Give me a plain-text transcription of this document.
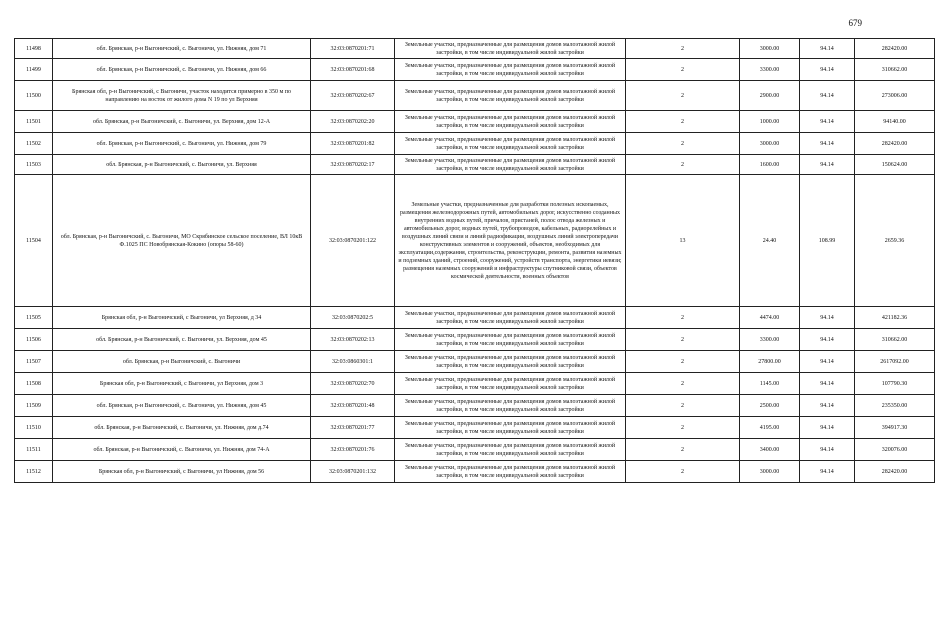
679
11498	обл. Брянская, р-н Выгоничский, с. Выгоничи, ул. Нижняя, дом 71	32:03:0870201:71	Земельные участки, предназначенные для размещения домов малоэтажной жилой застройки, в том числе индивидуальной жилой застройки	2	3000.00	94.14	282420.00
11499	обл. Брянская, р-н Выгоничский, с. Выгоничи, ул. Нижняя, дом 66	32:03:0870201:68	Земельные участки, предназначенные для размещения домов малоэтажной жилой застройки, в том числе индивидуальной жилой застройки	2	3300.00	94.14	310662.00
11500	Брянская обл, р-н Выгоничский, с Выгоничи, участок находится примерно в 350 м по направлению на восток от жилого дома N 19 по ул Верхняя	32:03:0870202:67	Земельные участки, предназначенные для размещения домов малоэтажной жилой застройки, в том числе индивидуальной жилой застройки	2	2900.00	94.14	273006.00
11501	обл. Брянская, р-н Выгоничский, с. Выгоничи, ул. Верхняя, дом 12-А	32:03:0870202:20	Земельные участки, предназначенные для размещения домов малоэтажной жилой застройки, в том числе индивидуальной жилой застройки	2	1000.00	94.14	94140.00
11502	обл. Брянская, р-н Выгоничский, с. Выгоничи, ул. Нижняя, дом 79	32:03:0870201:82	Земельные участки, предназначенные для размещения домов малоэтажной жилой застройки, в том числе индивидуальной жилой застройки	2	3000.00	94.14	282420.00
11503	обл. Брянская, р-н Выгоничский, с. Выгоничи, ул. Верхняя	32:03:0870202:17	Земельные участки, предназначенные для размещения домов малоэтажной жилой застройки, в том числе индивидуальной жилой застройки	2	1600.00	94.14	150624.00
11504	обл. Брянская, р-н Выгоничский, с. Выгоничи, МО Скрябинское сельское поселение, ВЛ 10кВ Ф.1025 ПС Новобрянская-Кокино (опоры 58-60)	32:03:0870201:122	Земельные участки, предназначенные для разработки полезных ископаемых, размещения железнодорожных путей, автомобильных дорог, искусственно созданных внутренних водных путей, причалов, пристаней, полос отвода железных и автомобильных дорог, водных путей, трубопроводов, кабельных, радиорелейных и воздушных линий связи и линий радиофикации, воздушных линий электропередачи конструктивных элементов и сооружений, объектов, необходимых для эксплуатации,содержания, строительства, реконструкции, ремонта, развития наземных и подземных зданий, строений, сооружений, устройств транспорта, энергетики иевязи; размещения наземных сооружений и инфраструктуры спутниковой связи, объектов космической деятельности, военных объектов	13	24.40	108.99	2659.36
11505	Брянская обл, р-н Выгоничский, с Выгоничи, ул Верхняя, д 34	32:03:0870202:5	Земельные участки, предназначенные для размещения домов малоэтажной жилой застройки, в том числе индивидуальной жилой застройки	2	4474.00	94.14	421182.36
11506	обл. Брянская, р-н Выгоничский, с. Выгоничи, ул. Верхняя, дом 45	32:03:0870202:13	Земельные участки, предназначенные для размещения домов малоэтажной жилой застройки, в том числе индивидуальной жилой застройки	2	3300.00	94.14	310662.00
11507	обл. Брянская, р-н Выгоничский, с. Выгоничи	32:03:0860301:1	Земельные участки, предназначенные для размещения домов малоэтажной жилой застройки, в том числе индивидуальной жилой застройки	2	27800.00	94.14	2617092.00
11508	Брянская обл, р-н Выгоничский, с Выгоничи, ул Верхняя, дом 3	32:03:0870202:70	Земельные участки, предназначенные для размещения домов малоэтажной жилой застройки, в том числе индивидуальной жилой застройки	2	1145.00	94.14	107790.30
11509	обл. Брянская, р-н Выгоничский, с. Выгоничи, ул. Нижняя, дом 45	32:03:0870201:48	Земельные участки, предназначенные для размещения домов малоэтажной жилой застройки, в том числе индивидуальной жилой застройки	2	2500.00	94.14	235350.00
11510	обл. Брянская, р-н Выгоничский, с. Выгоничи, ул. Нижняя, дом д.74	32:03:0870201:77	Земельные участки, предназначенные для размещения домов малоэтажной жилой застройки, в том числе индивидуальной жилой застройки	2	4195.00	94.14	394917.30
11511	обл. Брянская, р-н Выгоничский, с. Выгоничи, ул. Нижняя, дом 74-А	32:03:0870201:76	Земельные участки, предназначенные для размещения домов малоэтажной жилой застройки, в том числе индивидуальной жилой застройки	2	3400.00	94.14	320076.00
11512	Брянская обл, р-н Выгоничский, с Выгоничи, ул Нижняя, дом 56	32:03:0870201:132	Земельные участки, предназначенные для размещения домов малоэтажной жилой застройки, в том числе индивидуальной жилой застройки	2	3000.00	94.14	282420.00
